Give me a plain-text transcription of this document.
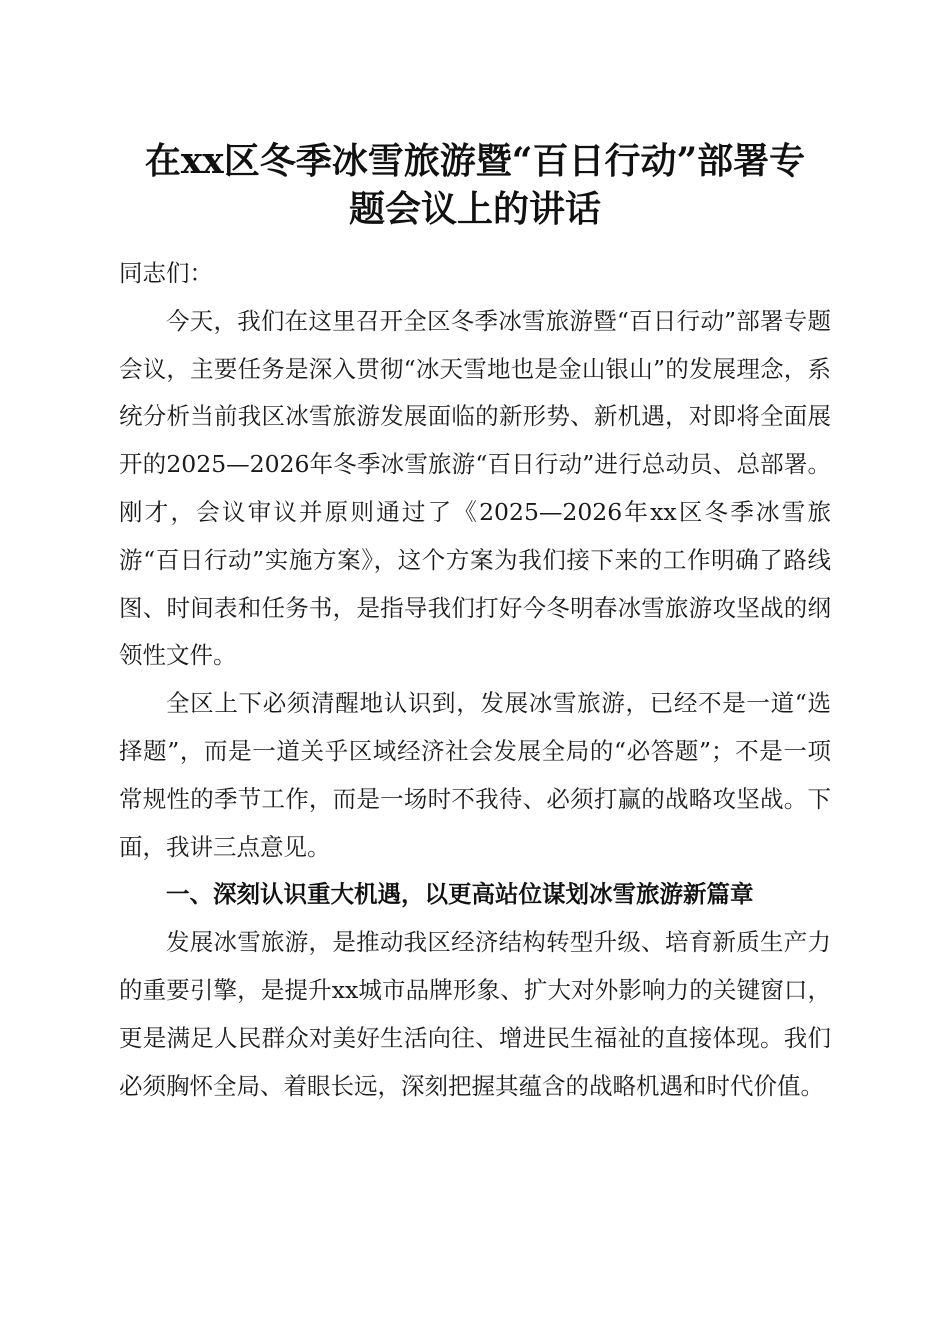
在xx区冬季冰雪旅游暨“百日行动”部署专
题会议上的讲话

同志们：

今天，我们在这里召开全区冬季冰雪旅游暨“百日行动”部署专题会议，主要任务是深入贯彻“冰天雪地也是金山银山”的发展理念，系统分析当前我区冰雪旅游发展面临的新形势、新机遇，对即将全面展开的2025—2026年冬季冰雪旅游“百日行动”进行总动员、总部署。刚才，会议审议并原则通过了《2025—2026年xx区冬季冰雪旅游“百日行动”实施方案》，这个方案为我们接下来的工作明确了路线图、时间表和任务书，是指导我们打好今冬明春冰雪旅游攻坚战的纲领性文件。

全区上下必须清醒地认识到，发展冰雪旅游，已经不是一道“选择题”，而是一道关乎区域经济社会发展全局的“必答题”；不是一项常规性的季节工作，而是一场时不我待、必须打赢的战略攻坚战。下面，我讲三点意见。

一、深刻认识重大机遇，以更高站位谋划冰雪旅游新篇章

发展冰雪旅游，是推动我区经济结构转型升级、培育新质生产力的重要引擎，是提升xx城市品牌形象、扩大对外影响力的关键窗口，更是满足人民群众对美好生活向往、增进民生福祉的直接体现。我们必须胸怀全局、着眼长远，深刻把握其蕴含的战略机遇和时代价值。
